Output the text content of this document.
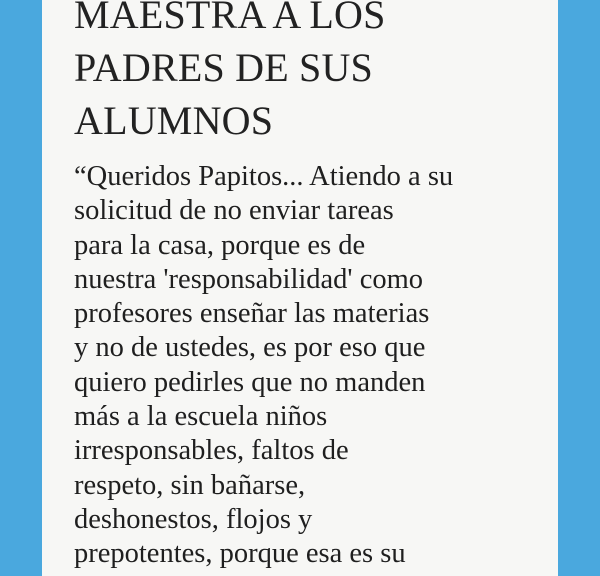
MAESTRA A LOS
PADRES DE SUS
ALUMNOS

“Queridos Papitos... Atiendo a su
solicitud de no enviar tareas
para la casa, porque es de
nuestra 'responsabilidad' como
profesores enseñar las materias
y no de ustedes, es por eso que
quiero pedirles que no manden
más a la escuela niños
irresponsables, faltos de
respeto, sin bañarse,
deshonestos, flojos y
prepotentes, porque esa es su
